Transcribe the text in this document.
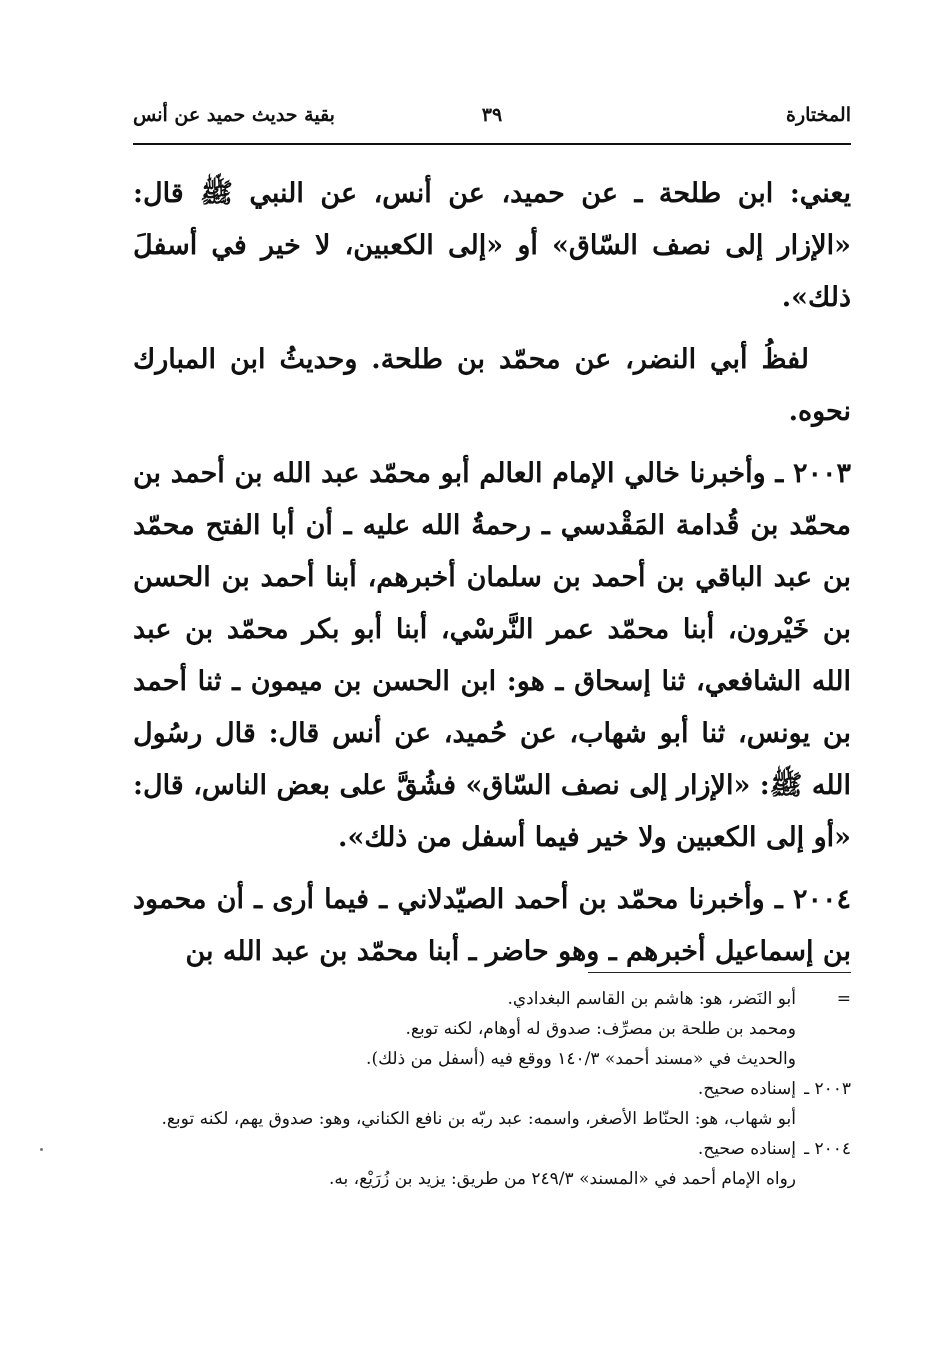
المختارة
٣٩
بقية حديث حميد عن أنس

يعني: ابن طلحة ـ عن حميد، عن أنس، عن النبي ﷺ قال: «الإزار إلى نصف السّاق» أو «إلى الكعبين، لا خير في أسفلَ ذلك».

لفظُ أبي النضر، عن محمّد بن طلحة. وحديثُ ابن المبارك نحوه.

٢٠٠٣ ـ وأخبرنا خالي الإمام العالم أبو محمّد عبد الله بن أحمد بن محمّد بن قُدامة المَقْدسي ـ رحمةُ الله عليه ـ أن أبا الفتح محمّد بن عبد الباقي بن أحمد بن سلمان أخبرهم، أبنا أحمد بن الحسن بن خَيْرون، أبنا محمّد عمر النَّرسْي، أبنا أبو بكر محمّد بن عبد الله الشافعي، ثنا إسحاق ـ هو: ابن الحسن بن ميمون ـ ثنا أحمد بن يونس، ثنا أبو شهاب، عن حُميد، عن أنس قال: قال رسُول الله ﷺ: «الإزار إلى نصف السّاق» فشُقَّ على بعض الناس، قال: «أو إلى الكعبين ولا خير فيما أسفل من ذلك».

٢٠٠٤ ـ وأخبرنا محمّد بن أحمد الصيّدلاني ـ فيما أرى ـ أن محمود بن إسماعيل أخبرهم ـ وهو حاضر ـ أبنا محمّد بن عبد الله بن

=
أبو النَضر، هو: هاشم بن القاسم البغدادي.
ومحمد بن طلحة بن مصرِّف: صدوق له أوهام، لكنه توبع.
والحديث في «مسند أحمد» ١٤٠/٣ ووقع فيه (أسفل من ذلك).
٢٠٠٣ ـ
إسناده صحيح.
أبو شهاب، هو: الحنّاط الأصغر، واسمه: عبد ربّه بن نافع الكناني، وهو: صدوق يهم، لكنه توبع.
٢٠٠٤ ـ
إسناده صحيح.
رواه الإمام أحمد في «المسند» ٢٤٩/٣ من طريق: يزيد بن زُرَيْع، به.
